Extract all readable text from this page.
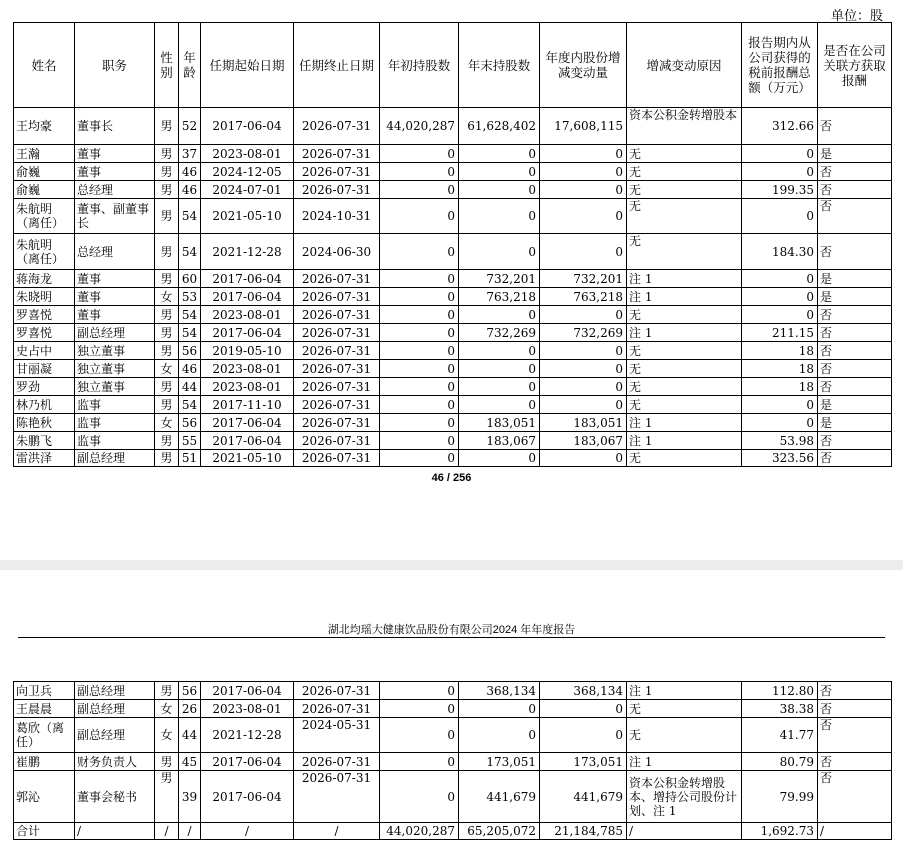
单位：股
姓名	职务	性别	年龄	任期起始日期	任期终止日期	年初持股数	年末持股数	年度内股份增减变动量	增减变动原因	报告期内从公司获得的税前报酬总额（万元）	是否在公司关联方获取报酬
王均豪	董事长	男	52	2017-06-04	2026-07-31	44,020,287	61,628,402	17,608,115	资本公积金转增股本	312.66	否
王瀚	董事	男	37	2023-08-01	2026-07-31	0	0	0	无	0	是
俞巍	董事	男	46	2024-12-05	2026-07-31	0	0	0	无	0	否
俞巍	总经理	男	46	2024-07-01	2026-07-31	0	0	0	无	199.35	否
朱航明（离任）	董事、副董事长	男	54	2021-05-10	2024-10-31	0	0	0	无	0	否
朱航明（离任）	总经理	男	54	2021-12-28	2024-06-30	0	0	0	无	184.30	否
蒋海龙	董事	男	60	2017-06-04	2026-07-31	0	732,201	732,201	注 1	0	是
朱晓明	董事	女	53	2017-06-04	2026-07-31	0	763,218	763,218	注 1	0	是
罗喜悦	董事	男	54	2023-08-01	2026-07-31	0	0	0	无	0	否
罗喜悦	副总经理	男	54	2017-06-04	2026-07-31	0	732,269	732,269	注 1	211.15	否
史占中	独立董事	男	56	2019-05-10	2026-07-31	0	0	0	无	18	否
甘丽凝	独立董事	女	46	2023-08-01	2026-07-31	0	0	0	无	18	否
罗劲	独立董事	男	44	2023-08-01	2026-07-31	0	0	0	无	18	否
林乃机	监事	男	54	2017-11-10	2026-07-31	0	0	0	无	0	是
陈艳秋	监事	女	56	2017-06-04	2026-07-31	0	183,051	183,051	注 1	0	是
朱鹏飞	监事	男	55	2017-06-04	2026-07-31	0	183,067	183,067	注 1	53.98	否
雷洪泽	副总经理	男	51	2021-05-10	2026-07-31	0	0	0	无	323.56	否
46 / 256
湖北均瑶大健康饮品股份有限公司2024 年年度报告
向卫兵	副总经理	男	56	2017-06-04	2026-07-31	0	368,134	368,134	注 1	112.80	否
王晨晨	副总经理	女	26	2023-08-01	2026-07-31	0	0	0	无	38.38	否
葛欣（离任）	副总经理	女	44	2021-12-28	2024-05-31	0	0	0	无	41.77	否
崔鹏	财务负责人	男	45	2017-06-04	2026-07-31	0	173,051	173,051	注 1	80.79	否
郭沁	董事会秘书	男	39	2017-06-04	2026-07-31	0	441,679	441,679	资本公积金转增股本、增持公司股份计划、注 1	79.99	否
合计	/	/	/	/	/	44,020,287	65,205,072	21,184,785	/	1,692.73	/
